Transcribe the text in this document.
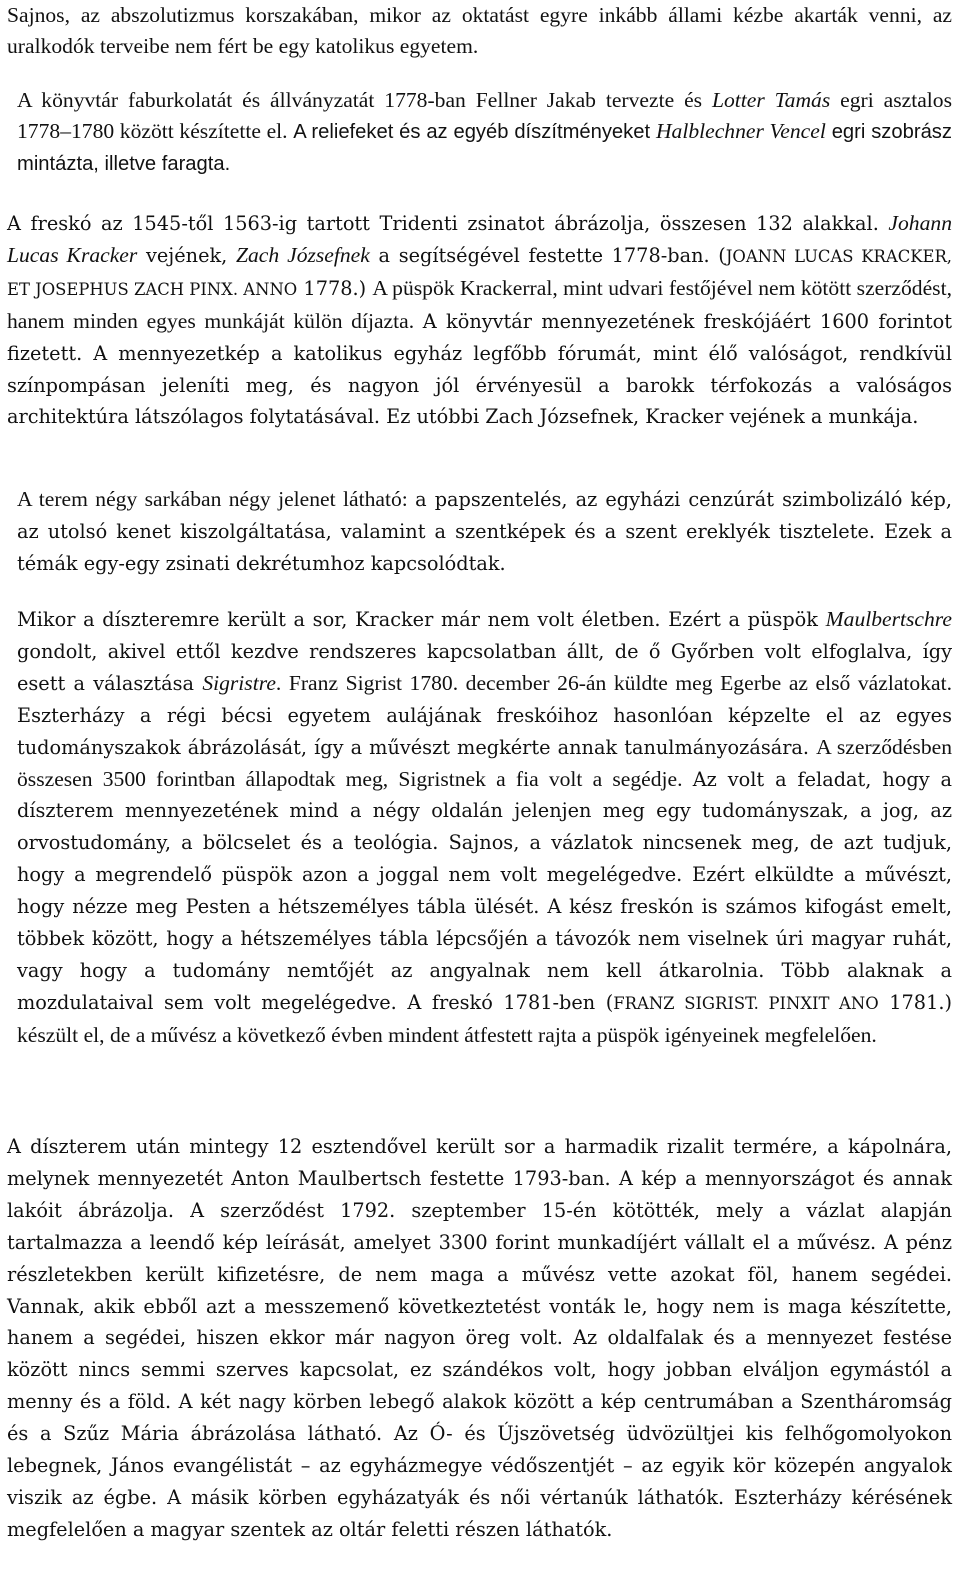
Sajnos, az abszolutizmus korszakában, mikor az oktatást egyre inkább állami kézbe akarták venni, az uralkodók terveibe nem fért be egy katolikus egyetem.

A könyvtár faburkolatát és állványzatát 1778-ban Fellner Jakab tervezte és Lotter Tamás egri asztalos 1778–1780 között készítette el. A reliefeket és az egyéb díszítményeket Halblechner Vencel egri szobrász mintázta, illetve faragta.

A freskó az 1545-től 1563-ig tartott Tridenti zsinatot ábrázolja, összesen 132 alakkal. Johann Lucas Kracker vejének, Zach Józsefnek a segítségével festette 1778-ban. (JOANN LUCAS KRACKER, ET JOSEPHUS ZACH PINX. ANNO 1778.) A püspök Krackerral, mint udvari festőjével nem kötött szerződést, hanem minden egyes munkáját külön díjazta. A könyvtár mennyezetének freskójáért 1600 forintot fizetett. A mennyezetkép a katolikus egyház legfőbb fórumát, mint élő valóságot, rendkívül színpompásan jeleníti meg, és nagyon jól érvényesül a barokk térfokozás a valóságos architektúra látszólagos folytatásával. Ez utóbbi Zach Józsefnek, Kracker vejének a munkája.

A terem négy sarkában négy jelenet látható: a papszentelés, az egyházi cenzúrát szimbolizáló kép, az utolsó kenet kiszolgáltatása, valamint a szentképek és a szent ereklyék tisztelete. Ezek a témák egy-egy zsinati dekrétumhoz kapcsolódtak.

Mikor a díszteremre került a sor, Kracker már nem volt életben. Ezért a püspök Maulbertschre gondolt, akivel ettől kezdve rendszeres kapcsolatban állt, de ő Győrben volt elfoglalva, így esett a választása Sigristre. Franz Sigrist 1780. december 26-án küldte meg Egerbe az első vázlatokat. Eszterházy a régi bécsi egyetem aulájának freskóihoz hasonlóan képzelte el az egyes tudományszakok ábrázolását, így a művészt megkérte annak tanulmányozására. A szerződésben összesen 3500 forintban állapodtak meg, Sigristnek a fia volt a segédje. Az volt a feladat, hogy a díszterem mennyezetének mind a négy oldalán jelenjen meg egy tudományszak, a jog, az orvostudomány, a bölcselet és a teológia. Sajnos, a vázlatok nincsenek meg, de azt tudjuk, hogy a megrendelő püspök azon a joggal nem volt megelégedve. Ezért elküldte a művészt, hogy nézze meg Pesten a hétszemélyes tábla ülését. A kész freskón is számos kifogást emelt, többek között, hogy a hétszemélyes tábla lépcsőjén a távozók nem viselnek úri magyar ruhát, vagy hogy a tudomány nemtőjét az angyalnak nem kell átkarolnia. Több alaknak a mozdulataival sem volt megelégedve. A freskó 1781-ben (FRANZ SIGRIST. PINXIT ANO 1781.) készült el, de a művész a következő évben mindent átfestett rajta a püspök igényeinek megfelelően.

A díszterem után mintegy 12 esztendővel került sor a harmadik rizalit termére, a kápolnára, melynek mennyezetét Anton Maulbertsch festette 1793-ban. A kép a mennyországot és annak lakóit ábrázolja. A szerződést 1792. szeptember 15-én kötötték, mely a vázlat alapján tartalmazza a leendő kép leírását, amelyet 3300 forint munkadíjért vállalt el a művész. A pénz részletekben került kifizetésre, de nem maga a művész vette azokat föl, hanem segédei. Vannak, akik ebből azt a messzemenő következtetést vonták le, hogy nem is maga készítette, hanem a segédei, hiszen ekkor már nagyon öreg volt. Az oldalfalak és a mennyezet festése között nincs semmi szerves kapcsolat, ez szándékos volt, hogy jobban elváljon egymástól a menny és a föld. A két nagy körben lebegő alakok között a kép centrumában a Szentháromság és a Szűz Mária ábrázolása látható. Az Ó- és Újszövetség üdvözültjei kis felhőgomolyokon lebegnek, János evangélistát – az egyházmegye védőszentjét – az egyik kör közepén angyalok viszik az égbe. A másik körben egyházatyák és női vértanúk láthatók. Eszterházy kérésének megfelelően a magyar szentek az oltár feletti részen láthatók.
